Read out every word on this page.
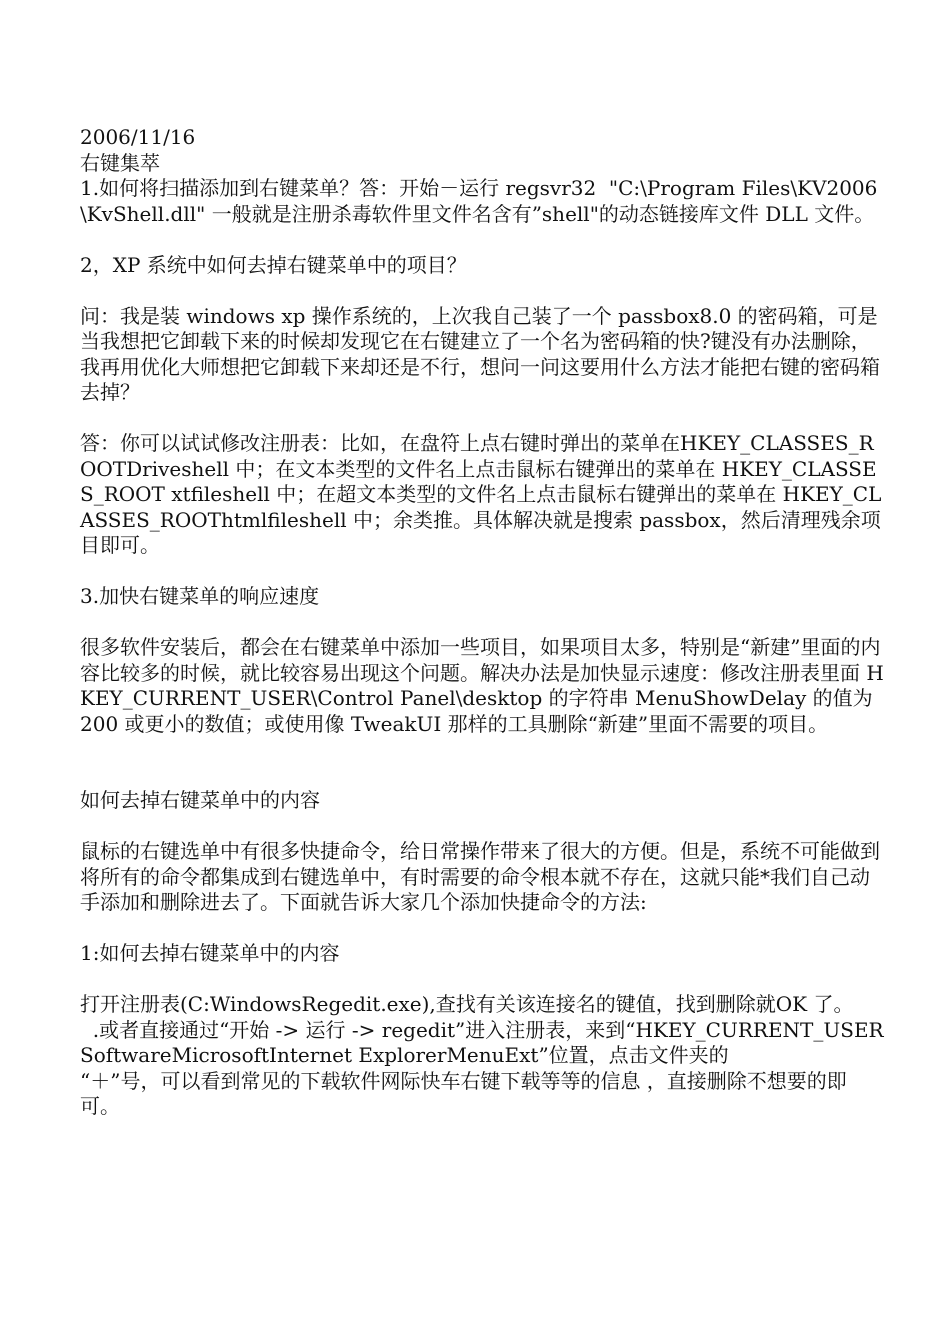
2006/11/16

右键集萃

1.如何将扫描添加到右键菜单？答：开始－运行 regsvr32  "C:\Program Files\KV2006\KvShell.dll" 一般就是注册杀毒软件里文件名含有”shell"的动态链接库文件 DLL 文件。

2，XP 系统中如何去掉右键菜单中的项目？

问：我是装 windows xp 操作系统的，上次我自己装了一个 passbox8.0 的密码箱，可是当我想把它卸载下来的时候却发现它在右键建立了一个名为密码箱的快?键没有办法删除，我再用优化大师想把它卸载下来却还是不行，想问一问这要用什么方法才能把右键的密码箱去掉？

答：你可以试试修改注册表：比如，在盘符上点右键时弹出的菜单在HKEY_CLASSES_ROOTDriveshell 中；在文本类型的文件名上点击鼠标右键弹出的菜单在 HKEY_CLASSES_ROOT xtfileshell 中；在超文本类型的文件名上点击鼠标右键弹出的菜单在 HKEY_CLASSES_ROOThtmlfileshell 中；余类推。具体解决就是搜索 passbox，然后清理残余项目即可。

3.加快右键菜单的响应速度

很多软件安装后，都会在右键菜单中添加一些项目，如果项目太多，特别是“新建”里面的内容比较多的时候，就比较容易出现这个问题。解决办法是加快显示速度：修改注册表里面 HKEY_CURRENT_USER\Control Panel\desktop 的字符串 MenuShowDelay 的值为 200 或更小的数值；或使用像 TweakUI 那样的工具删除“新建”里面不需要的项目。

如何去掉右键菜单中的内容

鼠标的右键选单中有很多快捷命令，给日常操作带来了很大的方便。但是，系统不可能做到将所有的命令都集成到右键选单中，有时需要的命令根本就不存在，这就只能*我们自己动手添加和删除进去了。下面就告诉大家几个添加快捷命令的方法:

1:如何去掉右键菜单中的内容

打开注册表(C:WindowsRegedit.exe),查找有关该连接名的键值，找到删除就OK 了。

.或者直接通过“开始 -> 运行 -> regedit”进入注册表，来到“HKEY_CURRENT_USERSoftwareMicrosoftInternet ExplorerMenuExt”位置，点击文件夹的

“＋”号，可以看到常见的下载软件网际快车右键下载等等的信息 ，直接删除不想要的即可。
